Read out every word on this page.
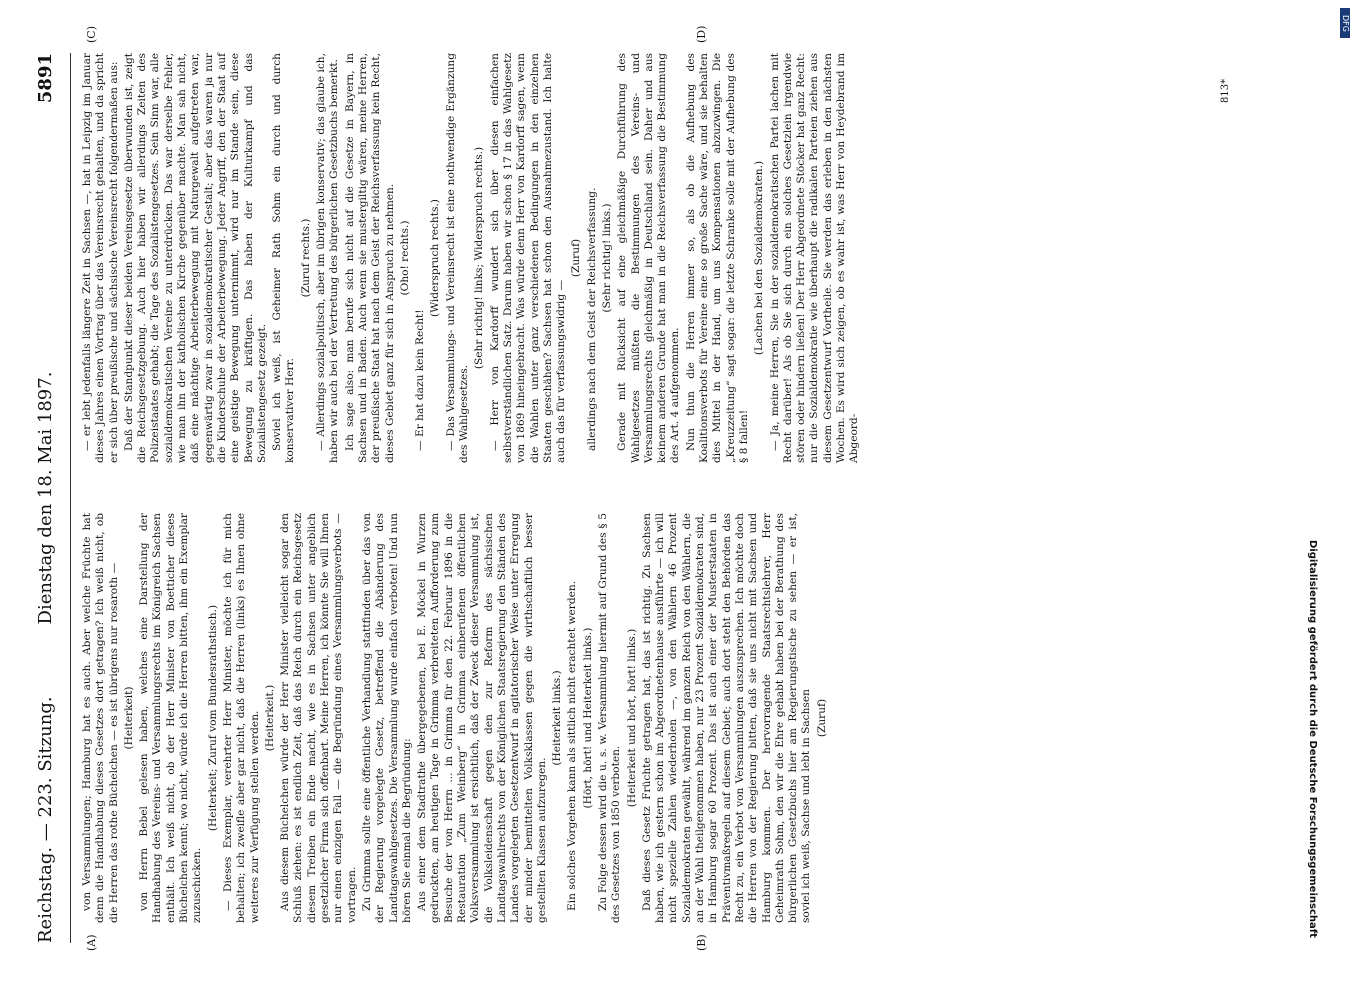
Reichstag. — 223. Sitzung.
Dienstag den 18. Mai 1897.
5891
(A)	(B)
(C)	(D)

von Versammlungen; Hamburg hat es auch. Aber welche Früchte hat denn die Handhabung dieses Gesetzes dort getragen? Ich weiß nicht, ob die Herren das rothe Büchelchen — es ist übrigens nur rosaroth — (Heiterkeit) von Herrn Bebel gelesen haben, welches eine Darstellung der Handhabung des Vereins- und Versammlungsrechts im Königreich Sachsen enthält. Ich weiß nicht, ob der Herr Minister von Boetticher dieses Büchelchen kennt; wo nicht, würde ich die Herren bitten, ihm ein Exemplar zuzuschicken.

(Heiterkeit; Zuruf vom Bundesrathstisch.) — Dieses Exemplar, verehrter Herr Minister, möchte ich für mich behalten; ich zweifle aber gar nicht, daß die Herren (links) es Ihnen ohne weiteres zur Verfügung stellen werden. (Heiterkeit.) Aus diesem Büchelchen würde der Herr Minister vielleicht sogar den Schluß ziehen: es ist endlich Zeit, daß das Reich durch ein Reichsgesetz diesem Treiben ein Ende macht, wie es in Sachsen unter angeblich gesetzlicher Firma sich offenbart. Meine Herren, ich könnte Sie will Ihnen nur einen einzigen Fall — die Begründung eines Versammlungsverbots — vortragen. Zu Grimma sollte eine öffentliche Verhandlung stattfinden über das von der Regierung vorgelegte Gesetz, betreffend die Abänderung des Landtagswahlgesetzes. Die Versammlung wurde einfach verboten! Und nun hören Sie einmal die Begründung: Aus einer dem Stadtrathe übergegebenen, bei E. Möckel in Wurzen gedruckten, am heutigen Tage in Grimma verbreiteten Aufforderung zum Besuche der von Herrn ... in Grimma für den 22. Februar 1896 in die Restauration „Zum Weinberg“ in Grimma einberufenen öffentlichen Volksversammlung ist ersichtlich, daß der Zweck dieser Versammlung ist, die Volksleidenschaft gegen den zur Reform des sächsischen Landtagswahlrechts von der Königlichen Staatsregierung den Ständen des Landes vorgelegten Gesetzentwurf in agitatorischer Weise unter Erregung der minder bemittelten Volksklassen gegen die wirthschaftlich besser gestellten Klassen aufzuregen.

(Heiterkeit links.) Ein solches Vorgehen kann als sittlich nicht erachtet werden. (Hört, hört! und Heiterkeit links.) Zu Folge dessen wird die u. s. w. Versammlung hiermit auf Grund des § 5 des Gesetzes von 1850 verboten.

(Heiterkeit und hört, hört! links.) Daß dieses Gesetz Früchte getragen hat, das ist richtig. Zu Sachsen haben, wie ich gestern schon im Abgeordnetenhause ausführte — ich will nicht spezielle Zahlen wiederholen —, von den Wählern 46 Prozent Sozialdemokraten gewählt, während im ganzen Reich von den Wählern, die an der Wahl theilgenommen haben, nur 23 Prozent Sozialdemokraten sind, in Hamburg sogar 60 Prozent. Das ist auch einer der Musterstaaten in Präventivmaßregeln auf diesem Gebiet; auch dort steht den Behörden das Recht zu, ein Verbot von Versammlungen auszusprechen. Ich möchte doch die Herren von der Regierung bitten, daß sie uns nicht mit Sachsen und Hamburg kommen. Der hervorragende Staatsrechtslehrer, Herr Geheimrath Sohm, den wir die Ehre gehabt haben bei der Berathung des bürgerlichen Gesetzbuchs hier am Regierungstische zu sehen — er ist, soviel ich weiß, Sachse und lebt in Sachsen (Zuruf)

— er lebt jedenfalls längere Zeit in Sachsen —, hat in Leipzig im Januar dieses Jahres einen Vortrag über das Vereinsrecht gehalten, und da spricht er sich über preußische und sächsische Vereinsrecht folgendermaßen aus: Daß der Standpunkt dieser beiden Vereinsgesetze überwunden ist, zeigt die Reichsgesetzgebung. Auch hier haben wir allerdings Zeiten des Polizeistaates gehabt; die Tage des Sozialistengesetzes. Sein Sinn war, alle sozialdemokratischen Vereine zu unterdrücken. Das war derselbe Fehler, wie man ihn der katholischen Kirche gegenüber machte. Man sah nicht, daß eine mächtige Arbeiterbewegung mit Naturgewalt aufgetreten war, gegenwärtig zwar in sozialdemokratischer Gestalt; aber das waren ja nur die Kinderschuhe der Arbeiterbewegung. Jeder Angriff, den der Staat auf eine geistige Bewegung unternimmt, wird nur im Stande sein, diese Bewegung zu kräftigen. Das haben der Kulturkampf und das Sozialistengesetz gezeigt. Soviel ich weiß, ist Geheimer Rath Sohm ein durch und durch konservativer Herr.

(Zuruf rechts.) — Allerdings sozialpolitisch, aber im übrigen konservativ; das glaube ich, haben wir auch bei der Vertretung des bürgerlichen Gesetzbuchs bemerkt. Ich sage also: man berufe sich nicht auf die Gesetze in Bayern, in Sachsen und in Baden. Auch wenn sie mustergiltig wären, meine Herren, der preußische Staat hat nach dem Geist der Reichsverfassung kein Recht, dieses Gebiet ganz für sich in Anspruch zu nehmen. (Oho! rechts.)

— Er hat dazu kein Recht!

(Widerspruch rechts.) — Das Versammlungs- und Vereinsrecht ist eine nothwendige Ergänzung des Wahlgesetzes.

(Sehr richtig! links; Widerspruch rechts.) — Herr von Kardorff wundert sich über diesen einfachen selbstverständlichen Satz. Darum haben wir schon § 17 in das Wahlgesetz von 1869 hineingebracht. Was würde denn Herr von Kardorff sagen, wenn die Wahlen unter ganz verschiedenen Bedingungen in den einzelnen Staaten geschähen? Sachsen hat schon den Ausnahmezustand. Ich halte auch das für verfassungswidrig —

(Zuruf) allerdings nach dem Geist der Reichsverfassung. (Sehr richtig! links.) Gerade mit Rücksicht auf eine gleichmäßige Durchführung des Wahlgesetzes müßten die Bestimmungen des Vereins- und Versammlungsrechts gleichmäßig in Deutschland sein. Daher und aus keinem anderen Grunde hat man in die Reichsverfassung die Bestimmung des Art. 4 aufgenommen. Nun thun die Herren immer so, als ob die Aufhebung des Koalitionsverbots für Vereine eine so große Sache wäre, und sie behalten dies Mittel in der Hand, um uns Kompensationen abzuzwingen. Die „Kreuzzeitung“ sagt sogar: die letzte Schranke solle mit der Aufhebung des § 8 fallen!

(Lachen bei den Sozialdemokraten.) — Ja, meine Herren, Sie in der sozialdemokratischen Partei lachen mit Recht darüber! Als ob Sie sich durch ein solches Gesetzlein irgendwie stören oder hindern ließen! Der Herr Abgeordnete Stöcker hat ganz Recht: nur die Sozialdemokratie wie überhaupt die radikalen Parteien ziehen aus diesem Gesetzentwurf Vortheile. Sie werden das erleben in den nächsten Wochen. Es wird sich zeigen, ob es wahr ist, was Herr von Heydebrand im Abgeord-

813*
Digitalisierung gefördert durch die Deutsche Forschungsgemeinschaft
DFG
